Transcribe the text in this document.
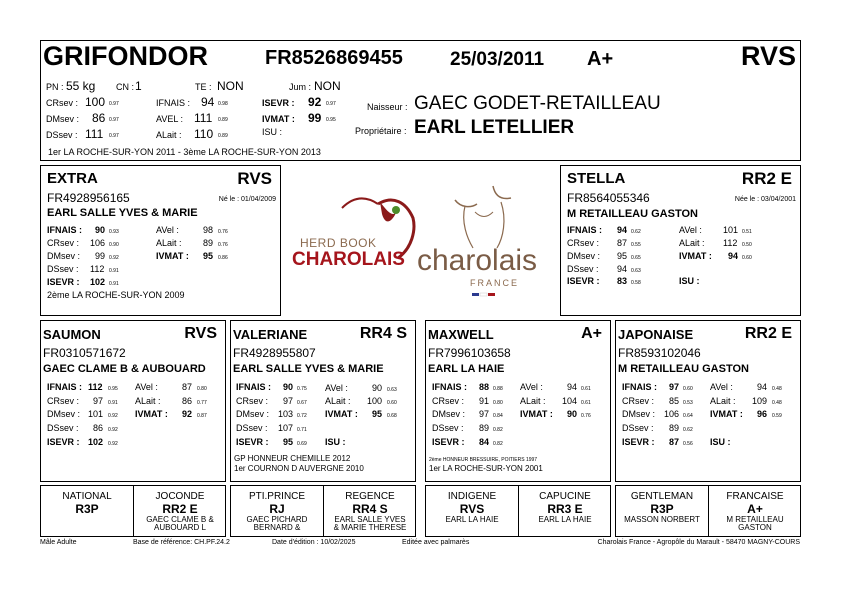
GRIFONDOR	FR8526869455 25/03/2011 A+	RVS
PN : 55 kg CN : 1	TE : NON	Jum : NON
CRsev : 100 0.97
DMsev : 86 0.97
DSsev : 111 0.97
IFNAIS : 94 0.98
AVEL : 111 0.89
ALait : 110 0.89
ISEVR : 92 0.97
IVMAT : 99 0.95
ISU :
Naisseur : GAEC GODET-RETAILLEAU
Propriétaire : EARL LETELLIER
1er LA ROCHE-SUR-YON 2011 - 3ème LA ROCHE-SUR-YON 2013
HERD BOOK
CHAROLAIS charolais
FRANCE
EXTRA	RVS
FR4928956165	Né le : 01/04/2009
EARL SALLE YVES & MARIE
IFNAIS : 90 0.93
CRsev : 106 0.90
DMsev : 99 0.92
DSsev : 112 0.91
ISEVR : 102 0.91
AVel :	98 0.76
ALait : 89 0.76
IVMAT : 95 0.86
2ème LA ROCHE-SUR-YON 2009
STELLA	RR2 E
FR8564055346	Née le : 03/04/2001
M RETAILLEAU GASTON
IFNAIS : 94 0.62
CRsev : 87 0.55
DMsev : 95 0.65
DSsev : 94 0.63
ISEVR : 83 0.58
AVel : 101 0.51
ALait : 112 0.50
IVMAT : 94 0.60
ISU :
SAUMON	RVS
FR0310571672
GAEC CLAME B & AUBOUARD
IFNAIS : 112 0.95
CRsev : 97 0.91
DMsev : 101 0.92
DSsev : 86 0.92
ISEVR : 102 0.92
AVel :	87 0.80
ALait : 86 0.77
IVMAT : 92 0.87
VALERIANE	RR4 S
FR4928955807
EARL SALLE YVES & MARIE
IFNAIS : 90 0.75
CRsev : 97 0.67
DMsev : 103 0.72
DSsev : 107 0.71
ISEVR : 95 0.69
AVel :	90 0.63
ALait : 100 0.60
IVMAT : 95 0.68
ISU :
GP HONNEUR CHEMILLE 2012
1er COURNON D AUVERGNE 2010
MAXWELL	A+
FR7996103658
EARL LA HAIE
IFNAIS : 88 0.88
CRsev : 91 0.80
DMsev : 97 0.84
DSsev : 89 0.82
ISEVR : 84 0.82
AVel :	94 0.61
ALait : 104 0.61
IVMAT : 90 0.76
2ème HONNEUR BRESSUIRE, POITIERS 1997
1er LA ROCHE-SUR-YON 2001
JAPONAISE	RR2 E
FR8593102046
M RETAILLEAU GASTON
IFNAIS : 97 0.60
CRsev : 85 0.53
DMsev : 106 0.64
DSsev : 89 0.62
ISEVR : 87 0.56
AVel :	94 0.48
ALait : 109 0.48
IVMAT : 96 0.59
ISU :
NATIONAL
R3P
JOCONDE
RR2 E
GAEC CLAME B &
AUBOUARD L
PTI.PRINCE
RJ
GAEC PICHARD
BERNARD &
REGENCE
RR4 S
EARL SALLE YVES
& MARIE THERESE
INDIGENE
RVS
EARL LA HAIE
CAPUCINE
RR3 E
EARL LA HAIE
GENTLEMAN
R3P
MASSON NORBERT
FRANCAISE
A+
M RETAILLEAU
GASTON
Mâle Adulte	Base de référence: CH.PF.24.2	Date d'édition : 10/02/2025	Editée avec palmarès	Charolais France - Agropôle du Marault - 58470 MAGNY-COURS
